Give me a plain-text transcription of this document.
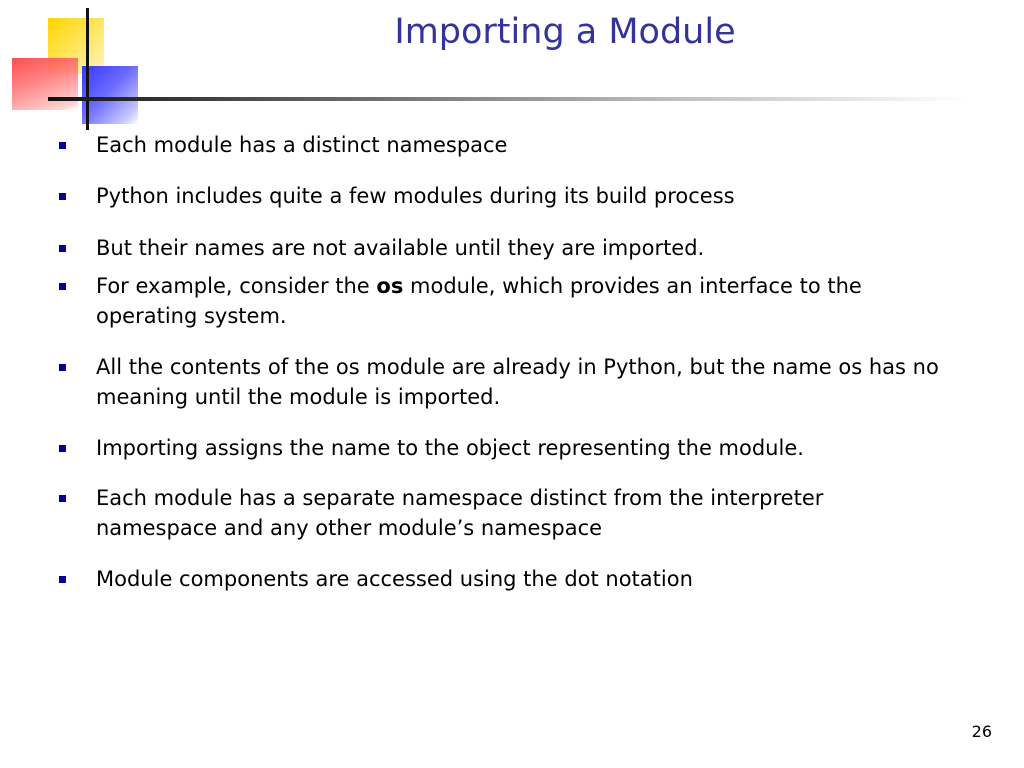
Importing a Module
Each module has a distinct namespace
Python includes quite a few modules during its build process
But their names are not available until they are imported.
For example, consider the os module, which provides an interface to the operating system.
All the contents of the os module are already in Python, but the name os has no meaning until the module is imported.
Importing assigns the name to the object representing the module.
Each module has a separate namespace distinct from the interpreter namespace and any other module’s namespace
Module components are accessed using the dot notation
26
